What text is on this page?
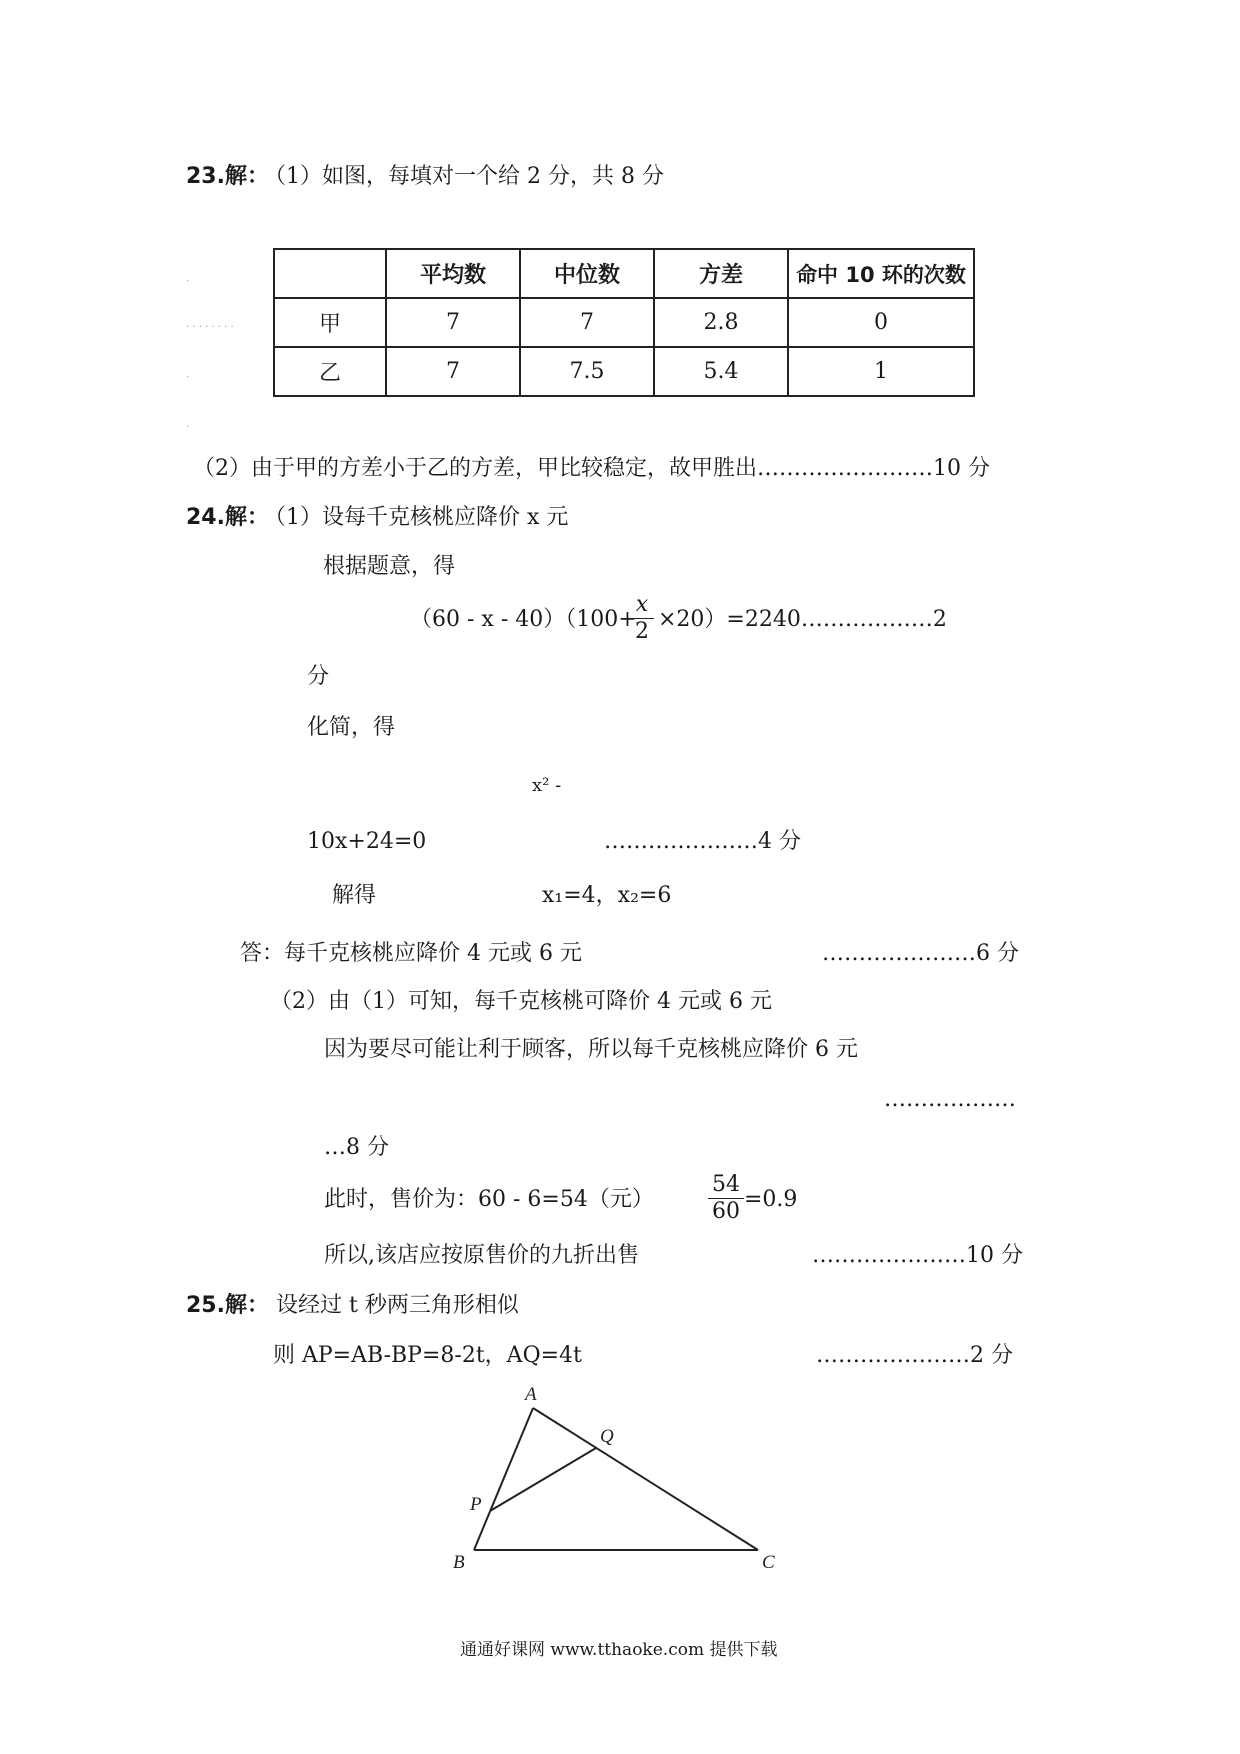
23.解：
（1）如图，每填对一个给 2 分，共 8 分
·
· · · · · · · ·
·
·
	平均数	中位数	方差	命中 10 环的次数
甲	7	7	2.8	0
乙	7	7.5	5.4	1
（2）由于甲的方差小于乙的方差，甲比较稳定，故甲胜出……………………10 分
24.解：
（1）设每千克核桃应降价 x 元
根据题意，得
（60 - x - 40）（100+
$\frac{x}{2}$ ×20）=2240………………2
分
化简，得
x² -
10x+24=0	…………………4 分
解得	x₁=4，x₂=6
答：每千克核桃应降价 4 元或 6 元	…………………6 分
（2）由（1）可知，每千克核桃可降价 4 元或 6 元
因为要尽可能让利于顾客，所以每千克核桃应降价 6 元
………………
…8 分
此时，售价为：60 - 6=54（元） $\frac{54}{60} =0.9$
所以,该店应按原售价的九折出售	…………………10 分
25.解： 设经过 t 秒两三角形相似
则 AP=AB-BP=8-2t，AQ=4t	…………………2 分
A
B	C
P
Q
通通好课网 www.tthaoke.com 提供下载
